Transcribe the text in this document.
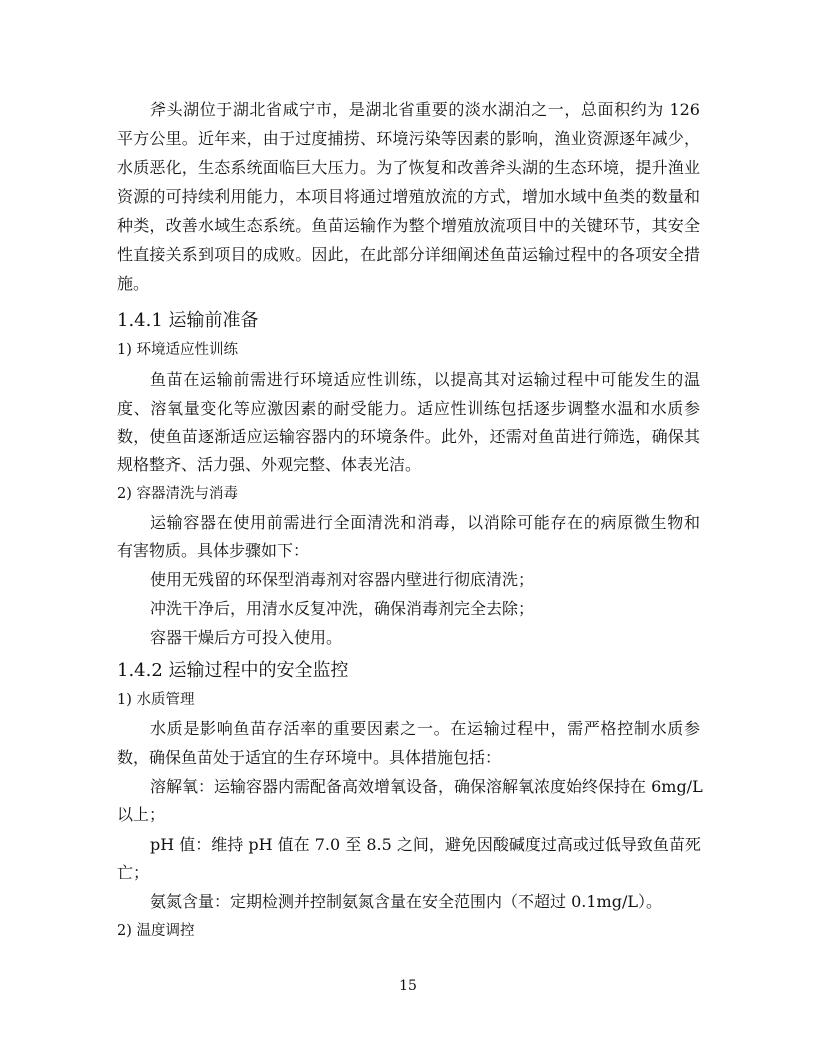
斧头湖位于湖北省咸宁市，是湖北省重要的淡水湖泊之一，总面积约为 126
平方公里。近年来，由于过度捕捞、环境污染等因素的影响，渔业资源逐年减少，
水质恶化，生态系统面临巨大压力。为了恢复和改善斧头湖的生态环境，提升渔业
资源的可持续利用能力，本项目将通过增殖放流的方式，增加水域中鱼类的数量和
种类，改善水域生态系统。鱼苗运输作为整个增殖放流项目中的关键环节，其安全
性直接关系到项目的成败。因此，在此部分详细阐述鱼苗运输过程中的各项安全措
施。
1.4.1 运输前准备
1) 环境适应性训练
鱼苗在运输前需进行环境适应性训练，以提高其对运输过程中可能发生的温
度、溶氧量变化等应激因素的耐受能力。适应性训练包括逐步调整水温和水质参
数，使鱼苗逐渐适应运输容器内的环境条件。此外，还需对鱼苗进行筛选，确保其
规格整齐、活力强、外观完整、体表光洁。
2) 容器清洗与消毒
运输容器在使用前需进行全面清洗和消毒，以消除可能存在的病原微生物和
有害物质。具体步骤如下：
使用无残留的环保型消毒剂对容器内壁进行彻底清洗；
冲洗干净后，用清水反复冲洗，确保消毒剂完全去除；
容器干燥后方可投入使用。
1.4.2 运输过程中的安全监控
1) 水质管理
水质是影响鱼苗存活率的重要因素之一。在运输过程中，需严格控制水质参
数，确保鱼苗处于适宜的生存环境中。具体措施包括：
溶解氧：运输容器内需配备高效增氧设备，确保溶解氧浓度始终保持在 6mg/L
以上；
pH 值：维持 pH 值在 7.0 至 8.5 之间，避免因酸碱度过高或过低导致鱼苗死
亡；
氨氮含量：定期检测并控制氨氮含量在安全范围内（不超过 0.1mg/L）。
2) 温度调控
15
